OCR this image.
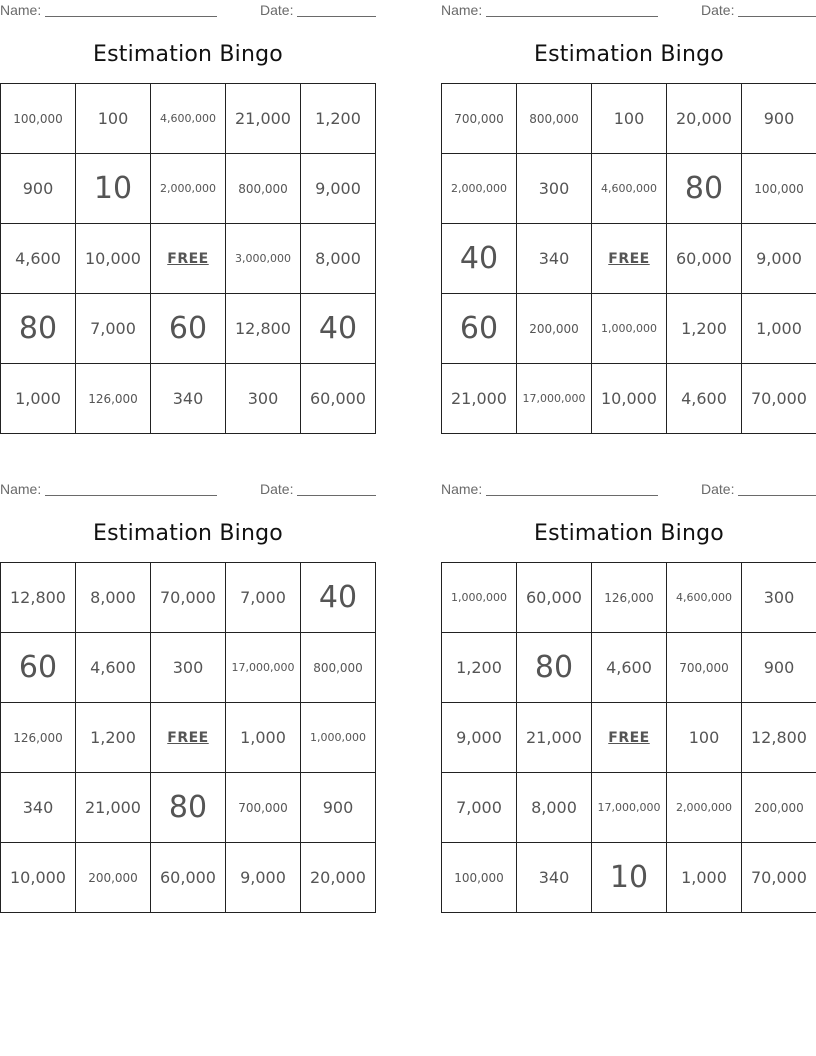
Name:	Date:
Estimation Bingo
100,000	100	4,600,000	21,000	1,200
900	10	2,000,000	800,000	9,000
4,600	10,000	FREE	3,000,000	8,000
80	7,000	60	12,800	40
1,000	126,000	340	300	60,000
Name:	Date:
Estimation Bingo
700,000	800,000	100	20,000	900
2,000,000	300	4,600,000	80	100,000
40	340	FREE	60,000	9,000
60	200,000	1,000,000	1,200	1,000
21,000	17,000,000	10,000	4,600	70,000
Name:	Date:
Estimation Bingo
12,800	8,000	70,000	7,000	40
60	4,600	300	17,000,000	800,000
126,000	1,200	FREE	1,000	1,000,000
340	21,000	80	700,000	900
10,000	200,000	60,000	9,000	20,000
Name:	Date:
Estimation Bingo
1,000,000	60,000	126,000	4,600,000	300
1,200	80	4,600	700,000	900
9,000	21,000	FREE	100	12,800
7,000	8,000	17,000,000	2,000,000	200,000
100,000	340	10	1,000	70,000
